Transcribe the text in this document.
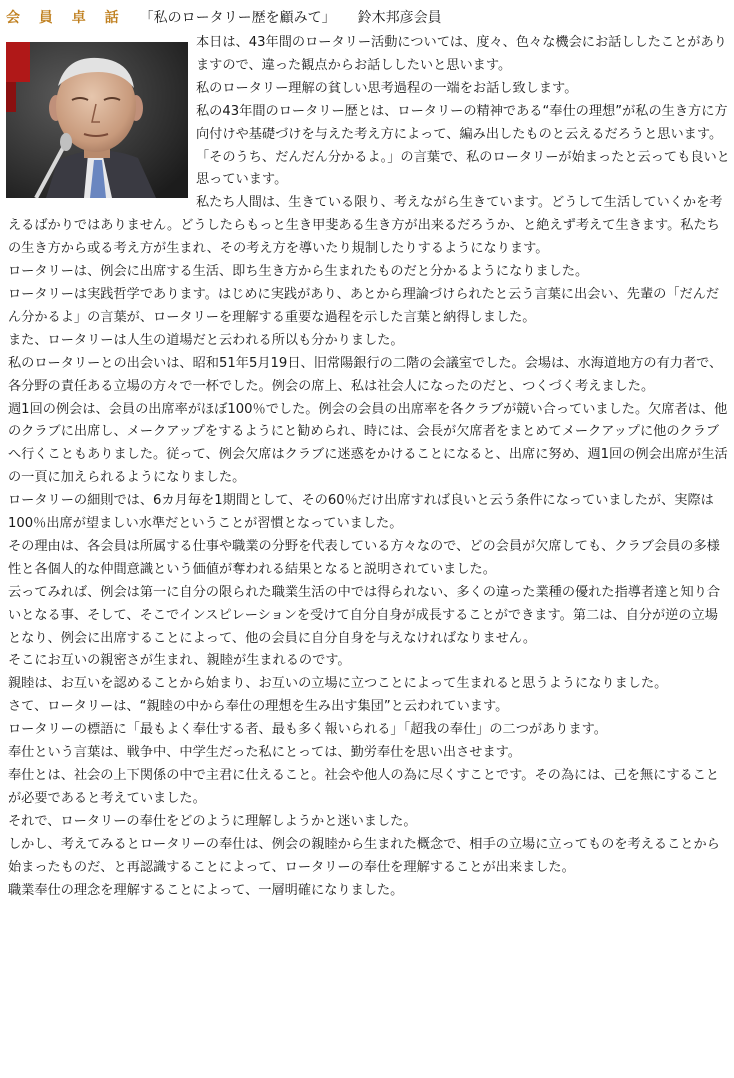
会 員 卓 話 「私のロータリー歴を顧みて」 鈴木邦彦会員

本日は、43年間のロータリー活動については、度々、色々な機会にお話ししたことがありますので、違った観点からお話ししたいと思います。

私のロータリー理解の貧しい思考過程の一端をお話し致します。

私の43年間のロータリー歴とは、ロータリーの精神である“奉仕の理想”が私の生き方に方向付けや基礎づけを与えた考え方によって、編み出したものと云えるだろうと思います。

「そのうち、だんだん分かるよ。」の言葉で、私のロータリーが始まったと云っても良いと思っています。

私たち人間は、生きている限り、考えながら生きています。どうして生活していくかを考えるばかりではありません。どうしたらもっと生き甲斐ある生き方が出来るだろうか、と絶えず考えて生きます。私たちの生き方から或る考え方が生まれ、その考え方を導いたり規制したりするようになります。

ロータリーは、例会に出席する生活、即ち生き方から生まれたものだと分かるようになりました。

ロータリーは実践哲学であります。はじめに実践があり、あとから理論づけられたと云う言葉に出会い、先輩の「だんだん分かるよ」の言葉が、ロータリーを理解する重要な過程を示した言葉と納得しました。

また、ロータリーは人生の道場だと云われる所以も分かりました。

私のロータリーとの出会いは、昭和51年5月19日、旧常陽銀行の二階の会議室でした。会場は、水海道地方の有力者で、各分野の責任ある立場の方々で一杯でした。例会の席上、私は社会人になったのだと、つくづく考えました。

週1回の例会は、会員の出席率がほぼ100％でした。例会の会員の出席率を各クラブが競い合っていました。欠席者は、他のクラブに出席し、メークアップをするようにと勧められ、時には、会長が欠席者をまとめてメークアップに他のクラブへ行くこともありました。従って、例会欠席はクラブに迷惑をかけることになると、出席に努め、週1回の例会出席が生活の一頁に加えられるようになりました。

ロータリーの細則では、6カ月毎を1期間として、その60％だけ出席すれば良いと云う条件になっていましたが、実際は100％出席が望ましい水準だということが習慣となっていました。

その理由は、各会員は所属する仕事や職業の分野を代表している方々なので、どの会員が欠席しても、クラブ会員の多様性と各個人的な仲間意識という価値が奪われる結果となると説明されていました。

云ってみれば、例会は第一に自分の限られた職業生活の中では得られない、多くの違った業種の優れた指導者達と知り合いとなる事、そして、そこでインスピレーションを受けて自分自身が成長することができます。第二は、自分が逆の立場となり、例会に出席することによって、他の会員に自分自身を与えなければなりません。

そこにお互いの親密さが生まれ、親睦が生まれるのです。

親睦は、お互いを認めることから始まり、お互いの立場に立つことによって生まれると思うようになりました。

さて、ロータリーは、“親睦の中から奉仕の理想を生み出す集団”と云われています。

ロータリーの標語に「最もよく奉仕する者、最も多く報いられる」「超我の奉仕」の二つがあります。

奉仕という言葉は、戦争中、中学生だった私にとっては、勤労奉仕を思い出させます。

奉仕とは、社会の上下関係の中で主君に仕えること。社会や他人の為に尽くすことです。その為には、己を無にすることが必要であると考えていました。

それで、ロータリーの奉仕をどのように理解しようかと迷いました。

しかし、考えてみるとロータリーの奉仕は、例会の親睦から生まれた概念で、相手の立場に立ってものを考えることから始まったものだ、と再認識することによって、ロータリーの奉仕を理解することが出来ました。

職業奉仕の理念を理解することによって、一層明確になりました。
